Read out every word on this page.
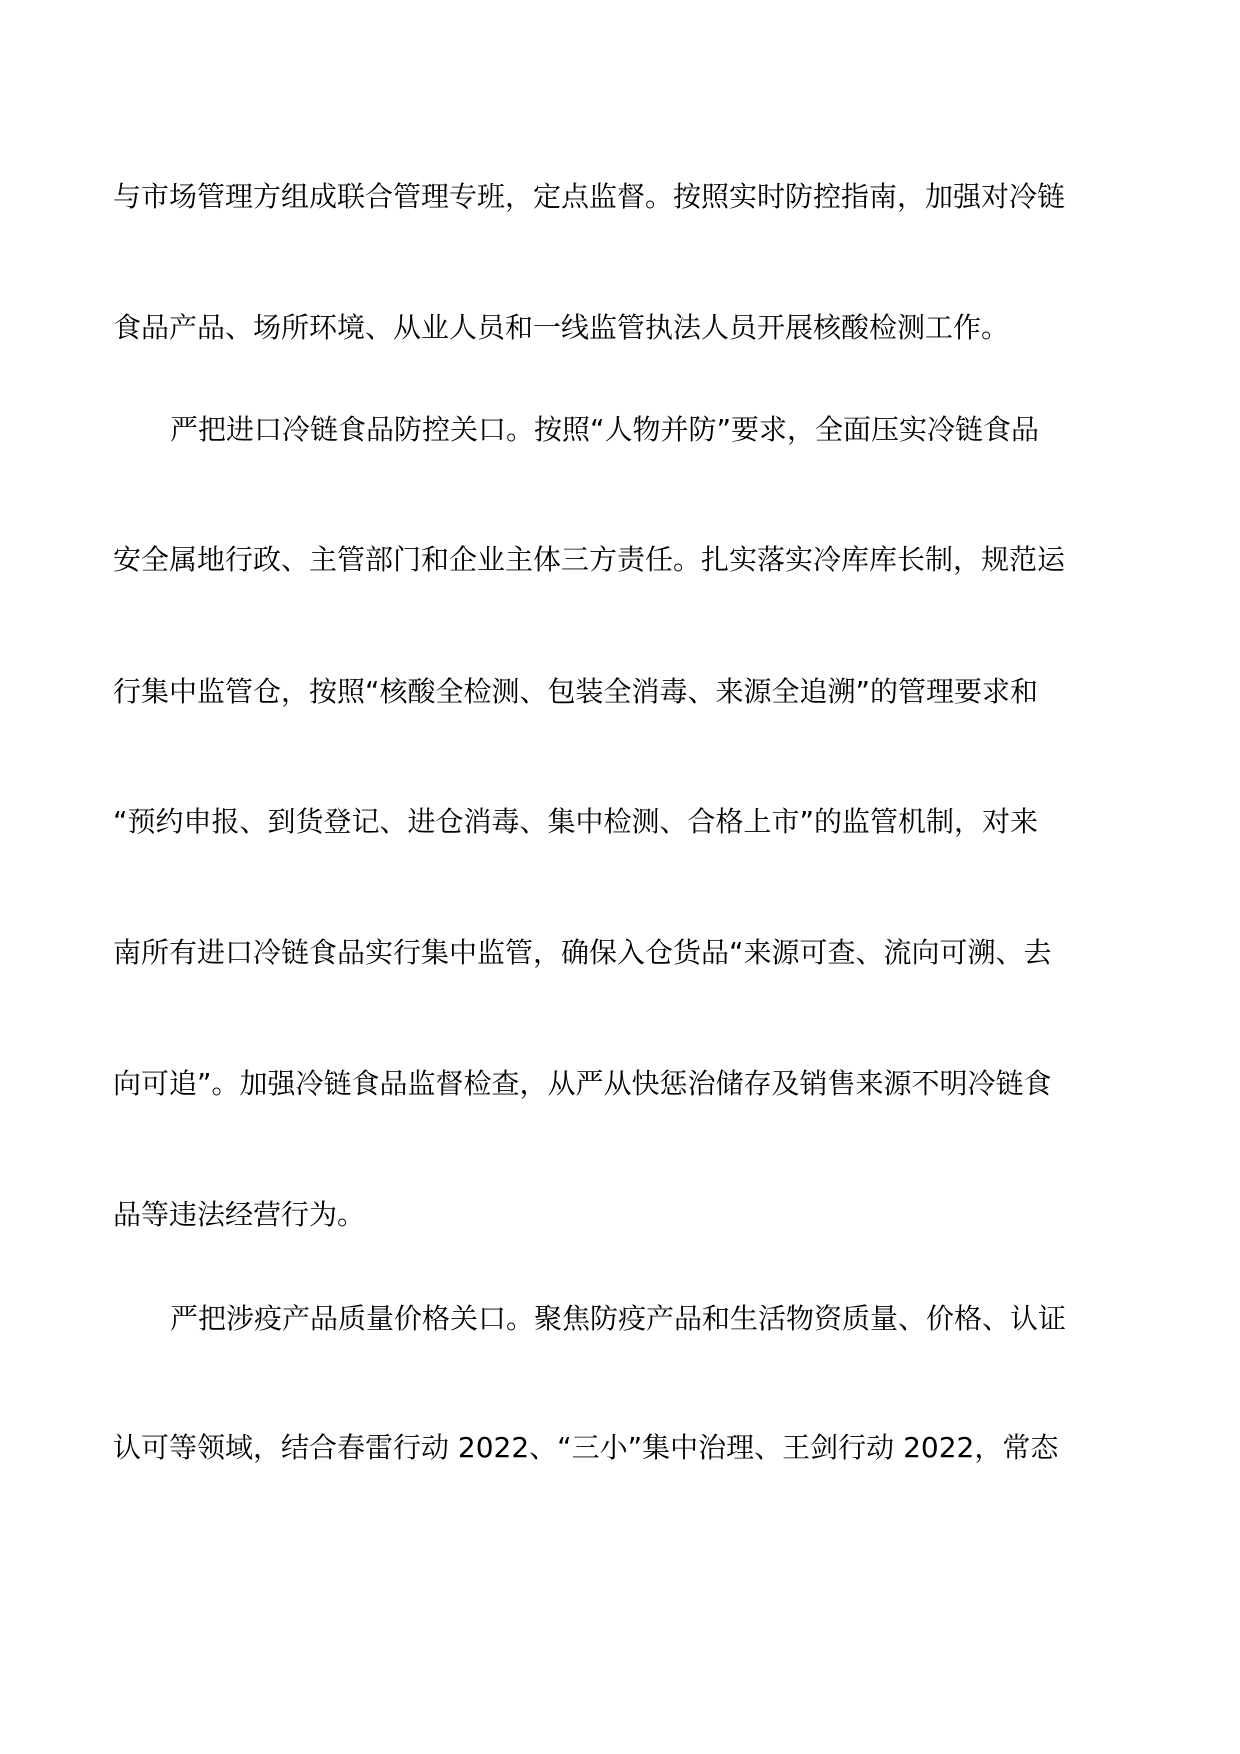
与市场管理方组成联合管理专班，定点监督。按照实时防控指南，加强对冷链
食品产品、场所环境、从业人员和一线监管执法人员开展核酸检测工作。
严把进口冷链食品防控关口。按照“人物并防”要求，全面压实冷链食品
安全属地行政、主管部门和企业主体三方责任。扎实落实冷库库长制，规范运
行集中监管仓，按照“核酸全检测、包装全消毒、来源全追溯”的管理要求和
“预约申报、到货登记、进仓消毒、集中检测、合格上市”的监管机制，对来
南所有进口冷链食品实行集中监管，确保入仓货品“来源可查、流向可溯、去
向可追”。加强冷链食品监督检查，从严从快惩治储存及销售来源不明冷链食
品等违法经营行为。
严把涉疫产品质量价格关口。聚焦防疫产品和生活物资质量、价格、认证
认可等领域，结合春雷行动 2022、“三小”集中治理、王剑行动 2022，常态
